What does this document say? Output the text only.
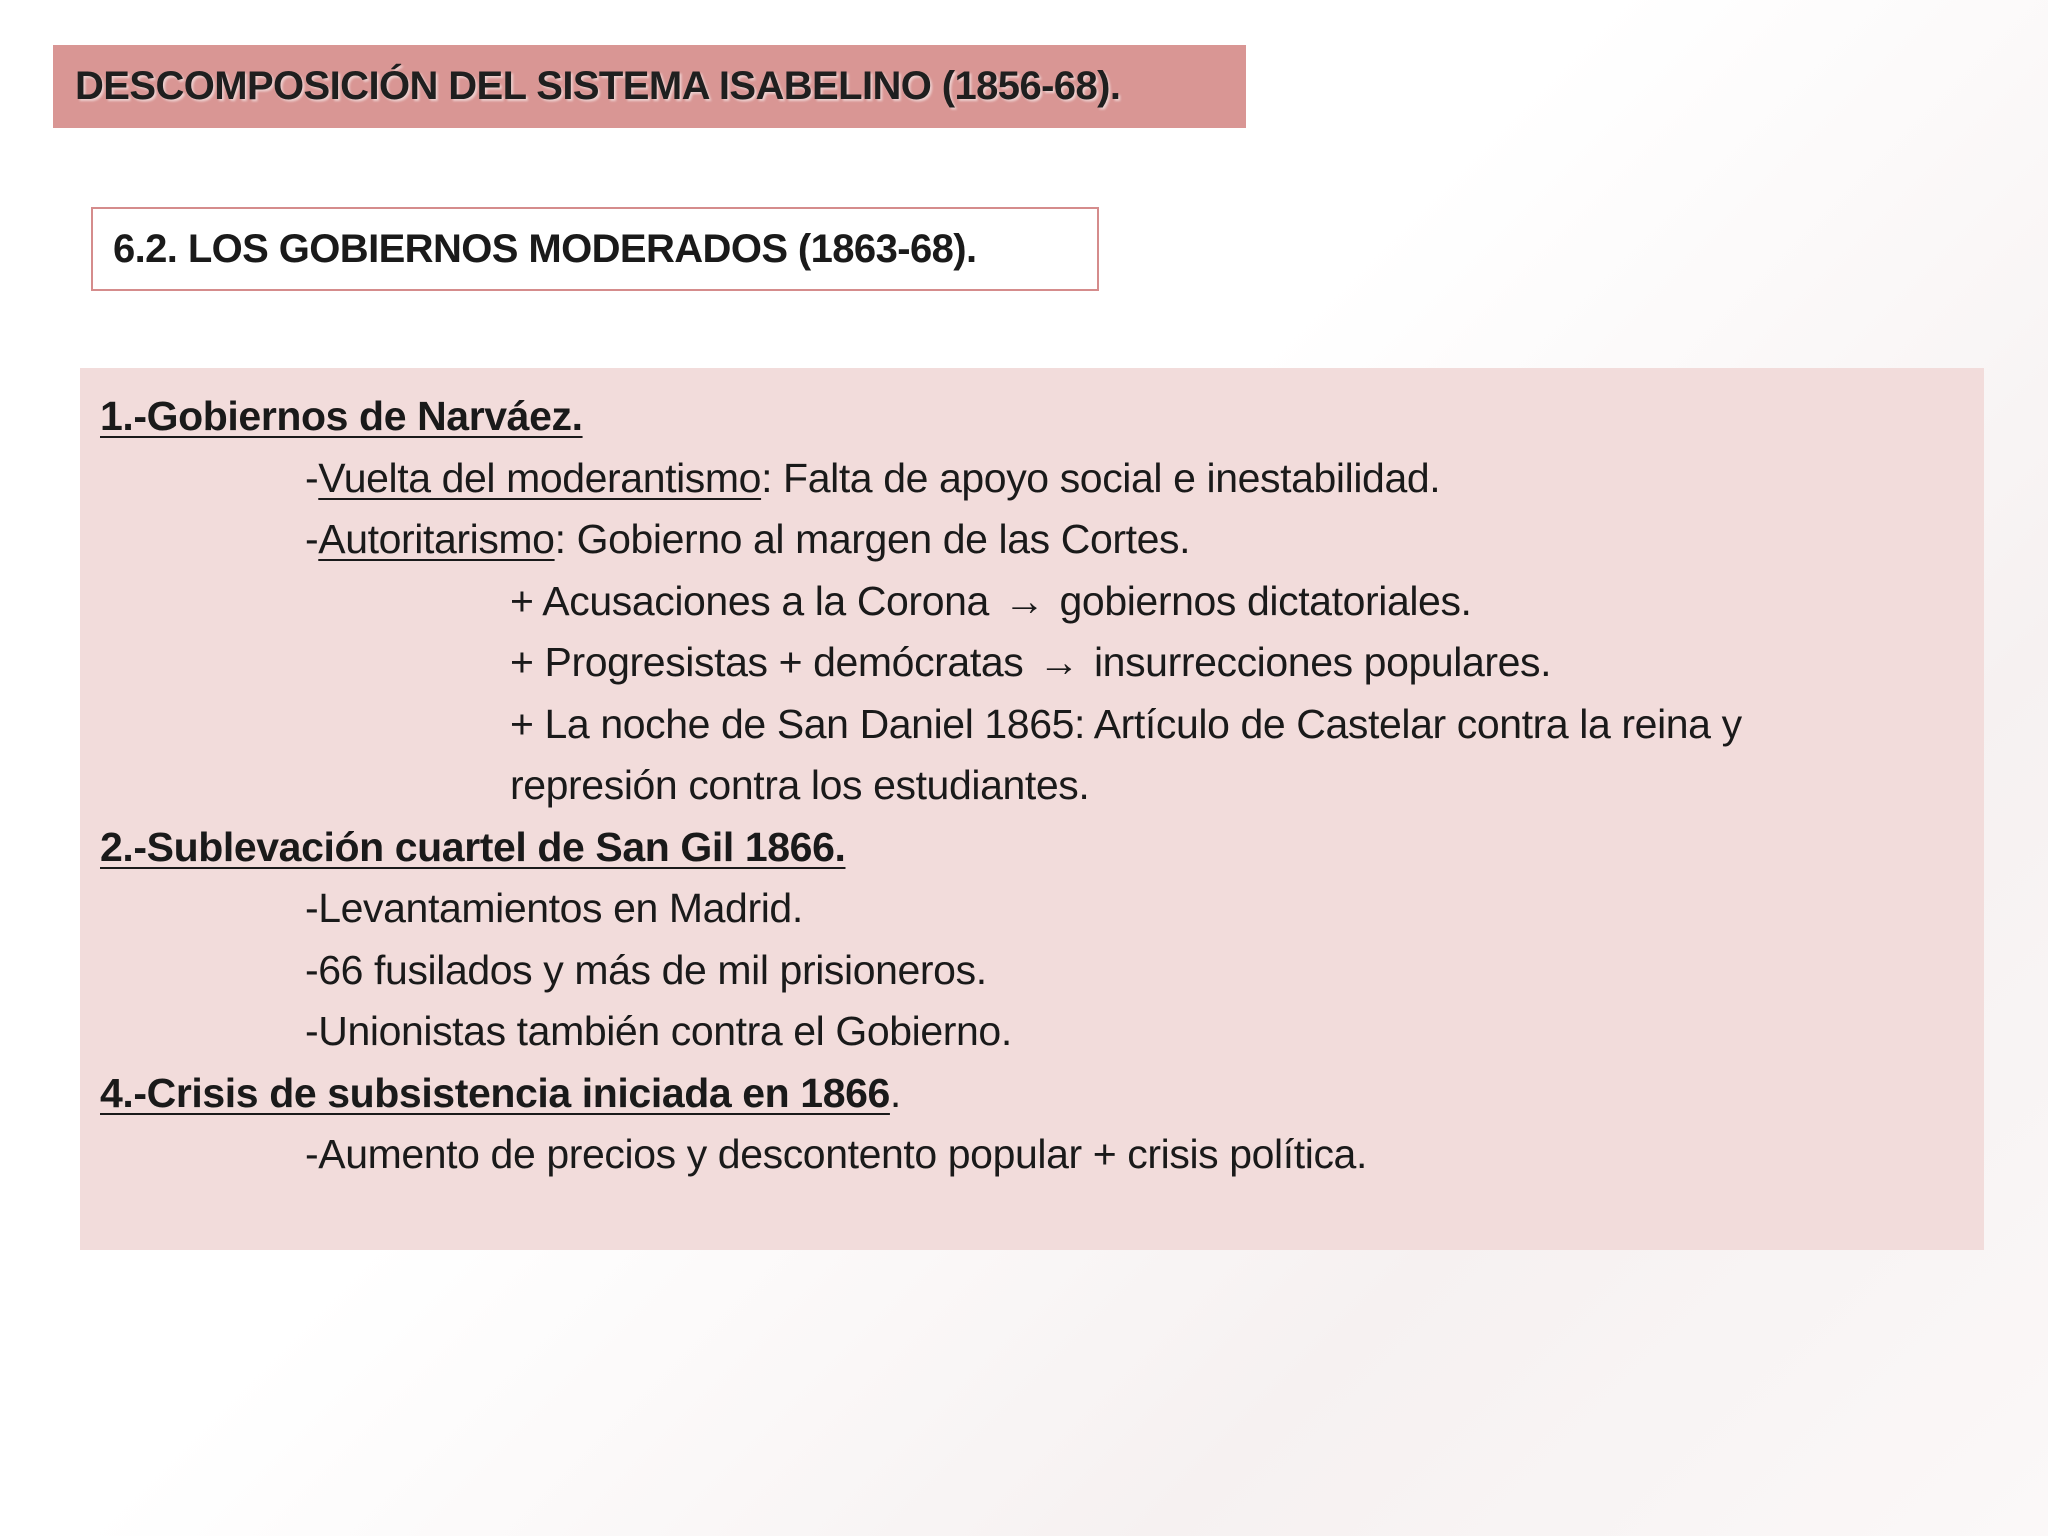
DESCOMPOSICIÓN DEL SISTEMA ISABELINO (1856-68).
6.2. LOS GOBIERNOS MODERADOS (1863-68).
1.-Gobiernos de Narváez.
-Vuelta del moderantismo: Falta de apoyo social e inestabilidad.
-Autoritarismo: Gobierno al margen de las Cortes.
+ Acusaciones a la Corona → gobiernos dictatoriales.
+ Progresistas + demócratas → insurrecciones populares.
+ La noche de San Daniel 1865: Artículo de Castelar contra la reina y
represión contra los estudiantes.
2.-Sublevación cuartel de San Gil 1866.
-Levantamientos en Madrid.
-66 fusilados y más de mil prisioneros.
-Unionistas también contra el Gobierno.
4.-Crisis de subsistencia iniciada en 1866.
-Aumento de precios y descontento popular + crisis política.
